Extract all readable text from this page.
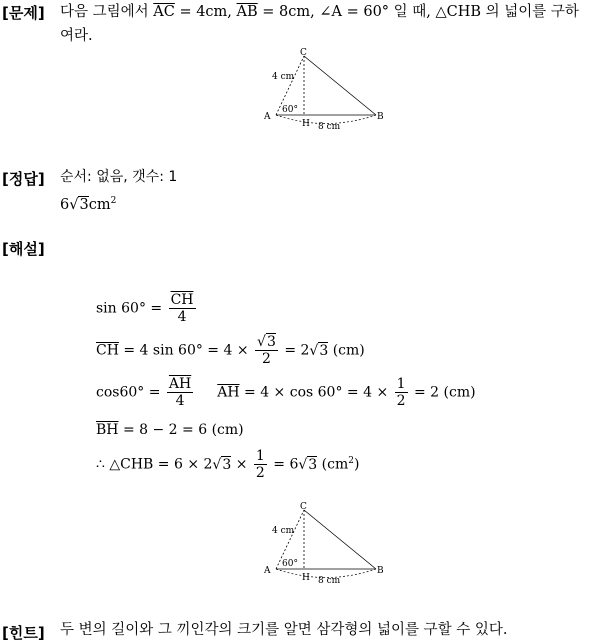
[문제] 다음 그림에서 $\overline{AC} = 4cm$, $\overline{AB} = 8cm$, ∠A = 60° 일 때, △CHB 의 넓이를 구하
여라.
C
A	B
H
4 cm
60°
8 cm
[정답] 순서: 없음, 갯수: 1
$6√3cm^2$
[해설]
$\sin 60^\circ = \frac{\overline{CH}}{4}$
$\overline{CH} = 4$ $\sin 60^\circ = 4 \times \frac{√3}{2} = 2√3$ (cm)
$\cos 60^\circ = \frac{\overline{AH}}{4} \overline{AH} = 4 \times \cos 60^\circ = 4 \times \frac{1}{2} = 2$ (cm)
$\overline{BH} = 8 - 2 = 6$ (cm)
∴ △CHB = $6 \times 2√3 \times \frac{1}{2} = 6√3$ $(cm^2)$
C
A	B
H
4 cm
60°
8 cm
[힌트] 두 변의 길이와 그 끼인각의 크기를 알면 삼각형의 넓이를 구할 수 있다.
